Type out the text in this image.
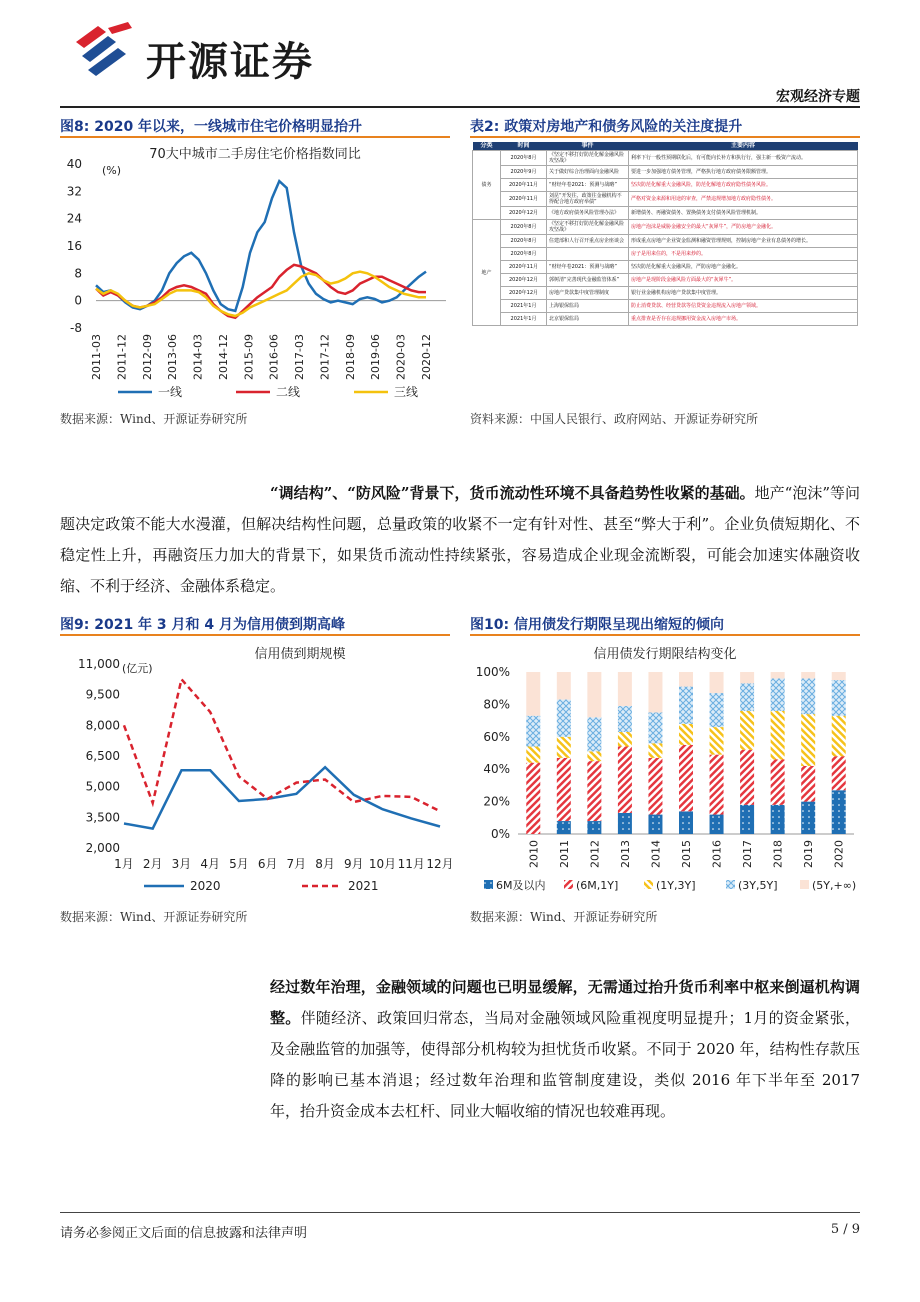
开源证券
宏观经济专题
图8: 2020 年以来，一线城市住宅价格明显抬升	表2: 政策对房地产和债务风险的关注度提升
70大中城市二手房住宅价格指数同比
(%)
-8
0
8
16
24
32
40
2011-03 2011-12 2012-09 2013-06 2014-03 2014-12 2015-09 2016-06 2017-03 2017-12 2018-09 2019-06 2020-03 2020-12
一线	二线	三线
数据来源：Wind、开源证券研究所
分类	时间	事件	主要内容
债务	2020年8月	《坚定不移打好防范化解金融风险攻坚战》	利率下行一般性预期联化后，有可能向长补方和执行行，强主新一般资产流动。
	2020年9月	关于做好综合治理面向金融风险	要进一步加强地方债务管理，严格执行地方政府债务限额管理。
	2020年11月	“财经年卷2021：预测与战略”	坚决防范化解重大金融风险，防范化解地方政府隐性债务风险。
	2020年11月	刘昆“开发往、政策往金融机构不得配合地方政府举债”	严格对资金来源和用途的审查，严禁违规增加地方政府隐性债务。
	2020年12月	《地方政府债务风险管理办法》	新增债务、再融资债务、置换债务支付债务风险管理机制。
地产	2020年8月	《坚定不移打好防范化解金融风险攻坚战》	房地产泡沫是威胁金融安全的最大“灰犀牛”，严防房地产金融化。
	2020年8月	住建部和人行召开重点房企座谈会	形成重点房地产企业资金监测和融资管理规则，控制房地产企业有息债务的增长。
	2020年8月		房子是用来住的，不是用来炒的。
	2020年11月	“财经年卷2021：预测与战略”	坚决防范化解重大金融风险，严防房地产金融化。
	2020年12月	郭树清“完善现代金融监管体系”	房地产是现阶段金融风险方面最大的“灰犀牛”。
	2020年12月	房地产贷款集中度管理制度	银行业金融机构房地产贷款集中度管理。
	2021年1月	上海银保监局	防止消费贷款、经营贷款等信贷资金违规流入房地产领域。
	2021年1月	北京银保监局	重点排查是否存在违规挪用资金流入房地产市场。
资料来源：中国人民银行、政府网站、开源证券研究所
“调结构”、“防风险”背景下，货币流动性环境不具备趋势性收紧的基础。地产“泡沫”等问题决定政策不能大水漫灌，但解决结构性问题，总量政策的收紧不一定有针对性、甚至“弊大于利”。企业负债短期化、不稳定性上升，再融资压力加大的背景下，如果货币流动性持续紧张，容易造成企业现金流断裂，可能会加速实体融资收缩、不利于经济、金融体系稳定。
图9: 2021 年 3 月和 4 月为信用债到期高峰	图10: 信用债发行期限呈现出缩短的倾向
信用债到期规模
(亿元)
2,000
3,500
5,000
6,500
8,000
9,500
11,000
1月 2月 3月 4月 5月 6月 7月 8月 9月 10月 11月 12月
2020	2021
数据来源：Wind、开源证券研究所
信用债发行期限结构变化
0%
20%
40%
60%
80%
100%
2010 2011 2012 2013 2014 2015 2016 2017 2018 2019 2020
6M及以内	(6M,1Y]	(1Y,3Y]	(3Y,5Y]	(5Y,+∞)
数据来源：Wind、开源证券研究所
经过数年治理，金融领域的问题也已明显缓解，无需通过抬升货币利率中枢来倒逼机构调整。伴随经济、政策回归常态，当局对金融领域风险重视度明显提升；1月的资金紧张，及金融监管的加强等，使得部分机构较为担忧货币收紧。不同于 2020 年，结构性存款压降的影响已基本消退；经过数年治理和监管制度建设，类似 2016 年下半年至 2017 年，抬升资金成本去杠杆、同业大幅收缩的情况也较难再现。
请务必参阅正文后面的信息披露和法律声明	5 / 9
